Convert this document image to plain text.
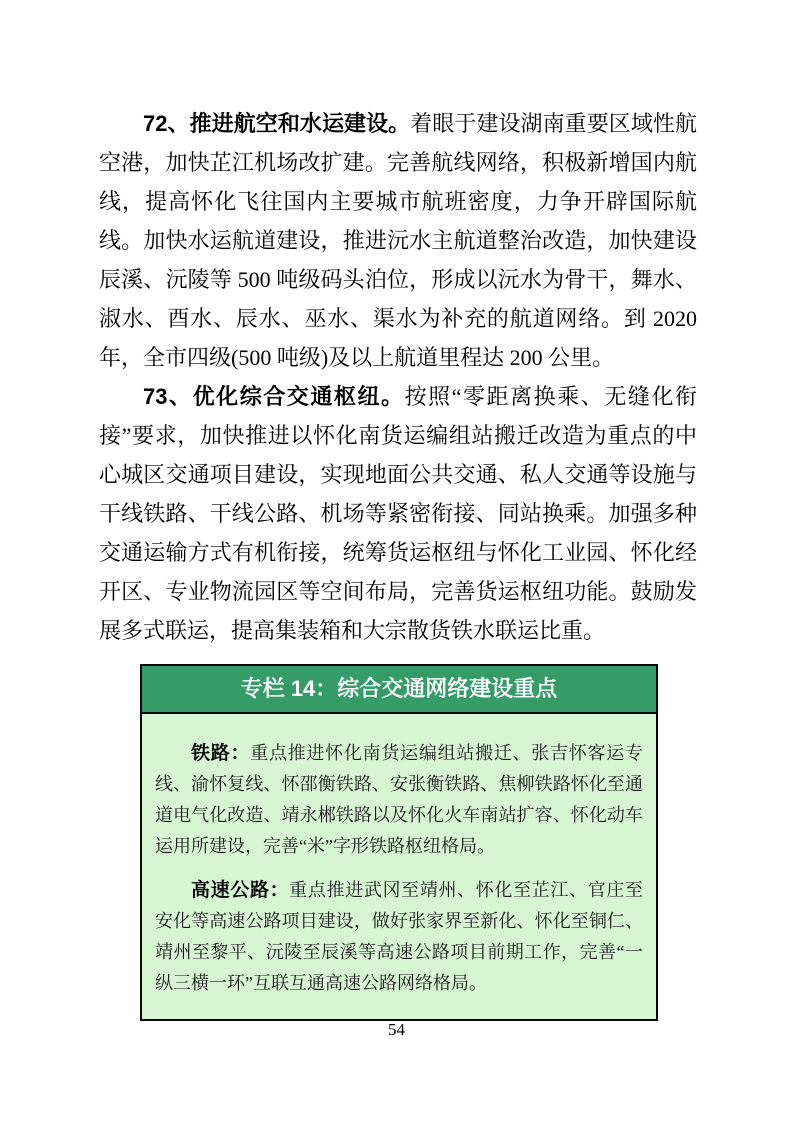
72、推进航空和水运建设。着眼于建设湖南重要区域性航空港，加快芷江机场改扩建。完善航线网络，积极新增国内航线，提高怀化飞往国内主要城市航班密度，力争开辟国际航线。加快水运航道建设，推进沅水主航道整治改造，加快建设辰溪、沅陵等 500 吨级码头泊位，形成以沅水为骨干，舞水、淑水、酉水、辰水、巫水、渠水为补充的航道网络。到 2020 年，全市四级(500 吨级)及以上航道里程达 200 公里。

73、优化综合交通枢纽。按照“零距离换乘、无缝化衔接”要求，加快推进以怀化南货运编组站搬迁改造为重点的中心城区交通项目建设，实现地面公共交通、私人交通等设施与干线铁路、干线公路、机场等紧密衔接、同站换乘。加强多种交通运输方式有机衔接，统筹货运枢纽与怀化工业园、怀化经开区、专业物流园区等空间布局，完善货运枢纽功能。鼓励发展多式联运，提高集装箱和大宗散货铁水联运比重。

专栏 14：综合交通网络建设重点

铁路：重点推进怀化南货运编组站搬迁、张吉怀客运专线、渝怀复线、怀邵衡铁路、安张衡铁路、焦柳铁路怀化至通道电气化改造、靖永郴铁路以及怀化火车南站扩容、怀化动车运用所建设，完善“米”字形铁路枢纽格局。

高速公路：重点推进武冈至靖州、怀化至芷江、官庄至安化等高速公路项目建设，做好张家界至新化、怀化至铜仁、靖州至黎平、沅陵至辰溪等高速公路项目前期工作，完善“一纵三横一环”互联互通高速公路网络格局。

54
